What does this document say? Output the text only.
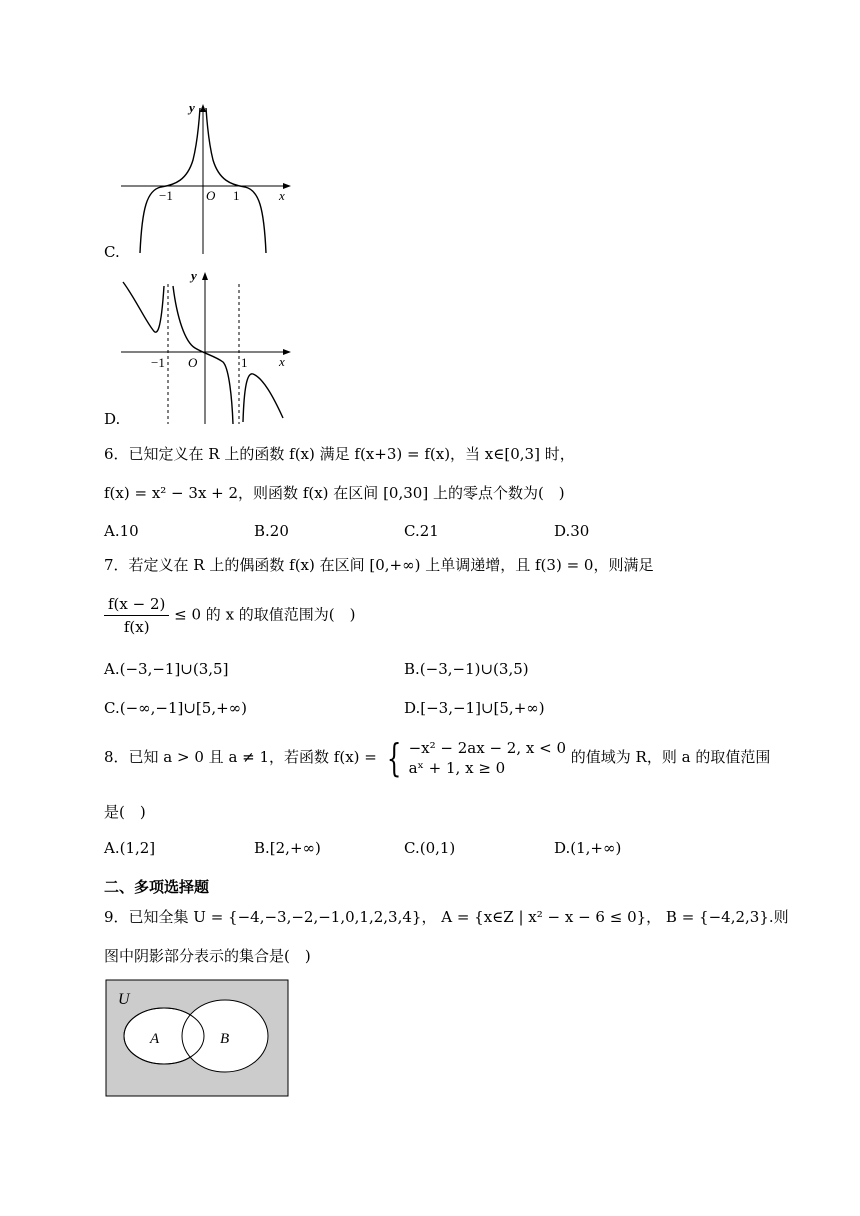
y
x
O
−1	1
C.
y
x
O
−1	1
D.
6．已知定义在 R 上的函数 f(x) 满足 f(x+3) = f(x)，当 x∈[0,3] 时，
f(x) = x² − 3x + 2，则函数 f(x) 在区间 [0,30] 上的零点个数为(　)
A.10	B.20	C.21	D.30
7．若定义在 R 上的偶函数 f(x) 在区间 [0,+∞) 上单调递增，且 f(3) = 0，则满足
$\frac{f(x - 2)}{f(x)} \le 0$ 的 x 的取值范围为(　)
A.(−3,−1]∪(3,5]	B.(−3,−1)∪(3,5)
C.(−∞,−1]∪[5,+∞)	D.[−3,−1]∪[5,+∞)
8．已知 a > 0 且 a ≠ 1，若函数 f(x) = { −x² − 2ax − 2, x < 0
aˣ + 1, x ≥ 0
的值域为 R，则 a 的取值范围
是(　)
A.(1,2]	B.[2,+∞)	C.(0,1)	D.(1,+∞)
二、多项选择题
9．已知全集 U = {−4,−3,−2,−1,0,1,2,3,4}， A = {x∈Z | x² − x − 6 ≤ 0}， B = {−4,2,3}.则
图中阴影部分表示的集合是(　)
U
A	B
